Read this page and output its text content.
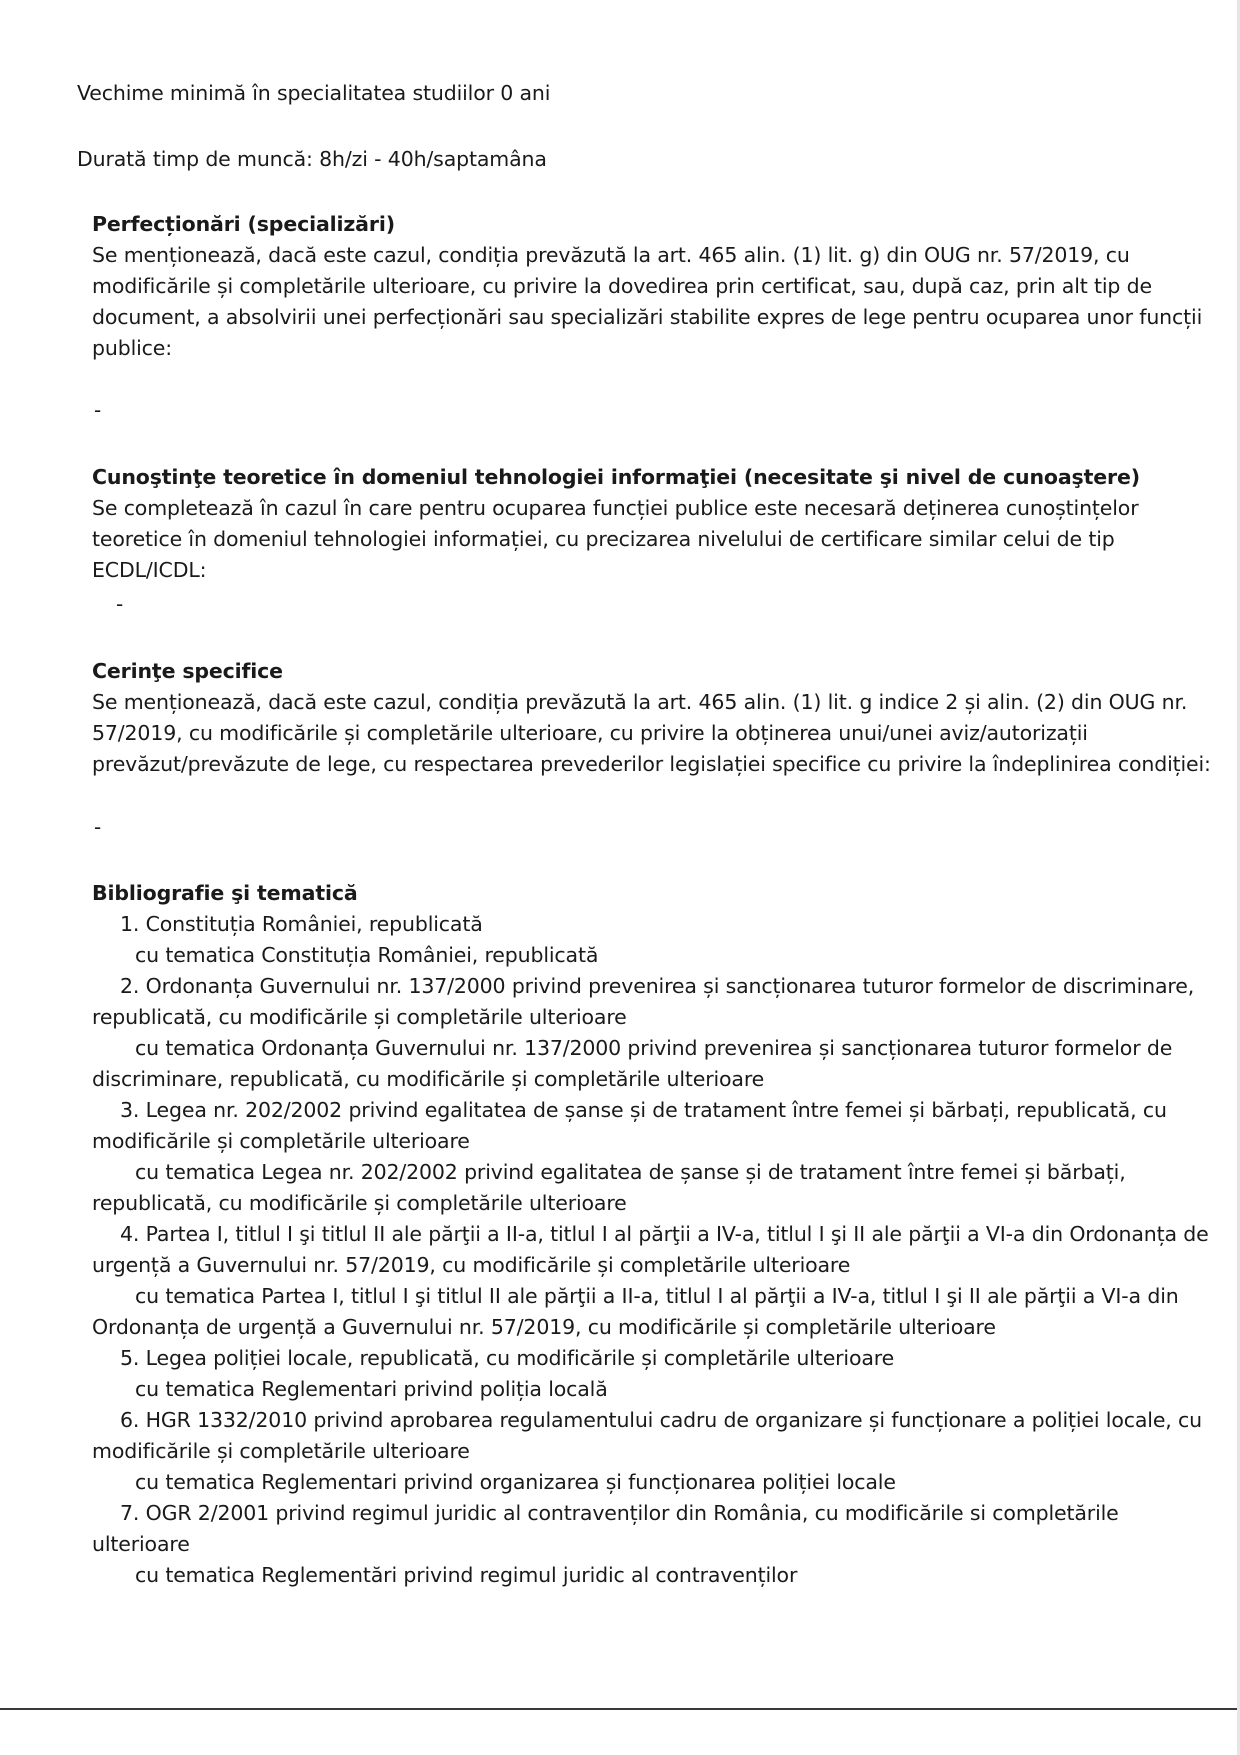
Vechime minimă în specialitatea studiilor 0 ani

Durată timp de muncă: 8h/zi - 40h/saptamâna

Perfecționări (specializări)

Se menționează, dacă este cazul, condiția prevăzută la art. 465 alin. (1) lit. g) din OUG nr. 57/2019, cu

modificările și completările ulterioare, cu privire la dovedirea prin certificat, sau, după caz, prin alt tip de

document, a absolvirii unei perfecționări sau specializări stabilite expres de lege pentru ocuparea unor funcții

publice:

-

Cunoştinţe teoretice în domeniul tehnologiei informaţiei (necesitate şi nivel de cunoaştere)

Se completează în cazul în care pentru ocuparea funcției publice este necesară deținerea cunoștințelor

teoretice în domeniul tehnologiei informației, cu precizarea nivelului de certificare similar celui de tip

ECDL/ICDL:

-

Cerinţe specifice

Se menționează, dacă este cazul, condiția prevăzută la art. 465 alin. (1) lit. g indice 2 și alin. (2) din OUG nr.

57/2019, cu modificările și completările ulterioare, cu privire la obținerea unui/unei aviz/autorizații

prevăzut/prevăzute de lege, cu respectarea prevederilor legislației specifice cu privire la îndeplinirea condiției:

-

Bibliografie şi tematică

1. Constituția României, republicată

cu tematica Constituția României, republicată

2. Ordonanța Guvernului nr. 137/2000 privind prevenirea și sancționarea tuturor formelor de discriminare,

republicată, cu modificările și completările ulterioare

cu tematica Ordonanța Guvernului nr. 137/2000 privind prevenirea și sancționarea tuturor formelor de

discriminare, republicată, cu modificările și completările ulterioare

3. Legea nr. 202/2002 privind egalitatea de șanse și de tratament între femei și bărbați, republicată, cu

modificările și completările ulterioare

cu tematica Legea nr. 202/2002 privind egalitatea de șanse și de tratament între femei și bărbați,

republicată, cu modificările și completările ulterioare

4. Partea I, titlul I şi titlul II ale părţii a II-a, titlul I al părţii a IV-a, titlul I şi II ale părţii a VI-a din Ordonanța de

urgență a Guvernului nr. 57/2019, cu modificările și completările ulterioare

cu tematica Partea I, titlul I şi titlul II ale părţii a II-a, titlul I al părţii a IV-a, titlul I şi II ale părţii a VI-a din

Ordonanța de urgență a Guvernului nr. 57/2019, cu modificările și completările ulterioare

5. Legea poliției locale, republicată, cu modificările și completările ulterioare

cu tematica Reglementari privind poliția locală

6. HGR 1332/2010 privind aprobarea regulamentului cadru de organizare și funcționare a poliției locale, cu

modificările și completările ulterioare

cu tematica Reglementari privind organizarea și funcționarea poliției locale

7. OGR 2/2001 privind regimul juridic al contravenților din România, cu modificările si completările

ulterioare

cu tematica Reglementări privind regimul juridic al contravenților
